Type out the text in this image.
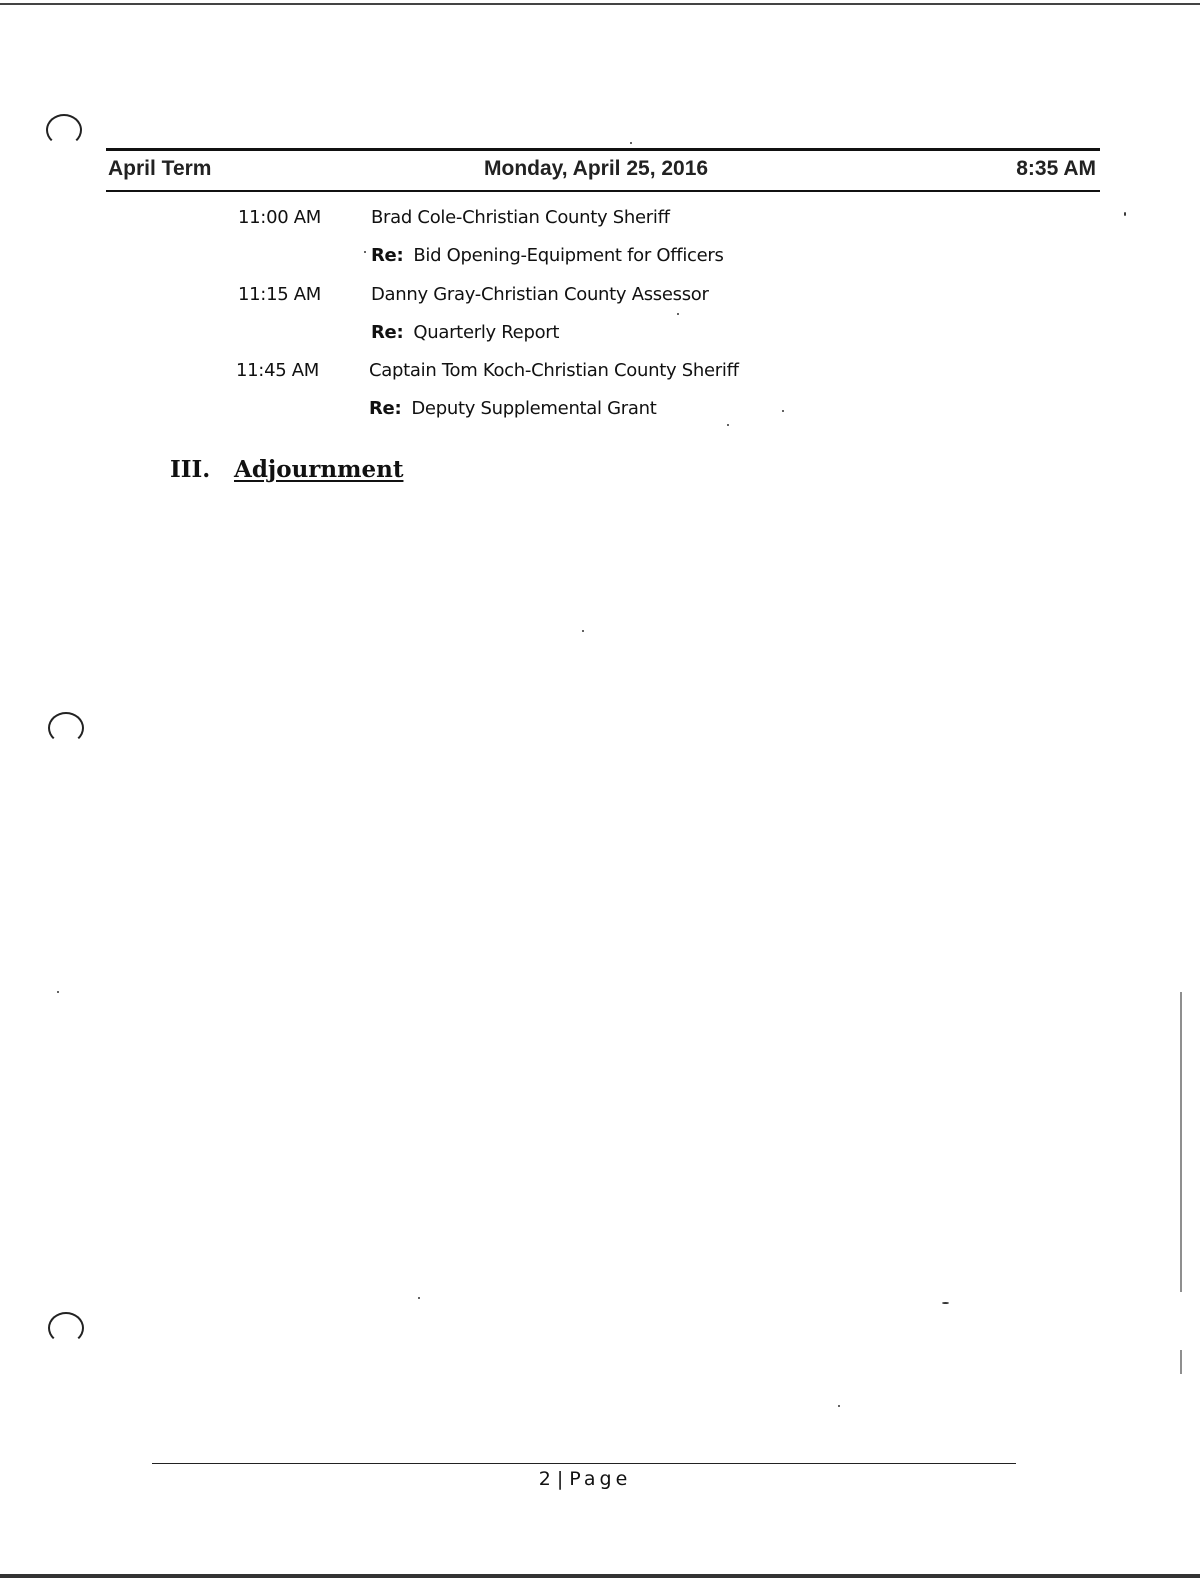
April Term	Monday, April 25, 2016	8:35 AM
11:00 AM	Brad Cole-Christian County Sheriff
Re: Bid Opening-Equipment for Officers
11:15 AM	Danny Gray-Christian County Assessor
Re: Quarterly Report
11:45 AM	Captain Tom Koch-Christian County Sheriff
Re: Deputy Supplemental Grant
III. Adjournment
2 | Page
